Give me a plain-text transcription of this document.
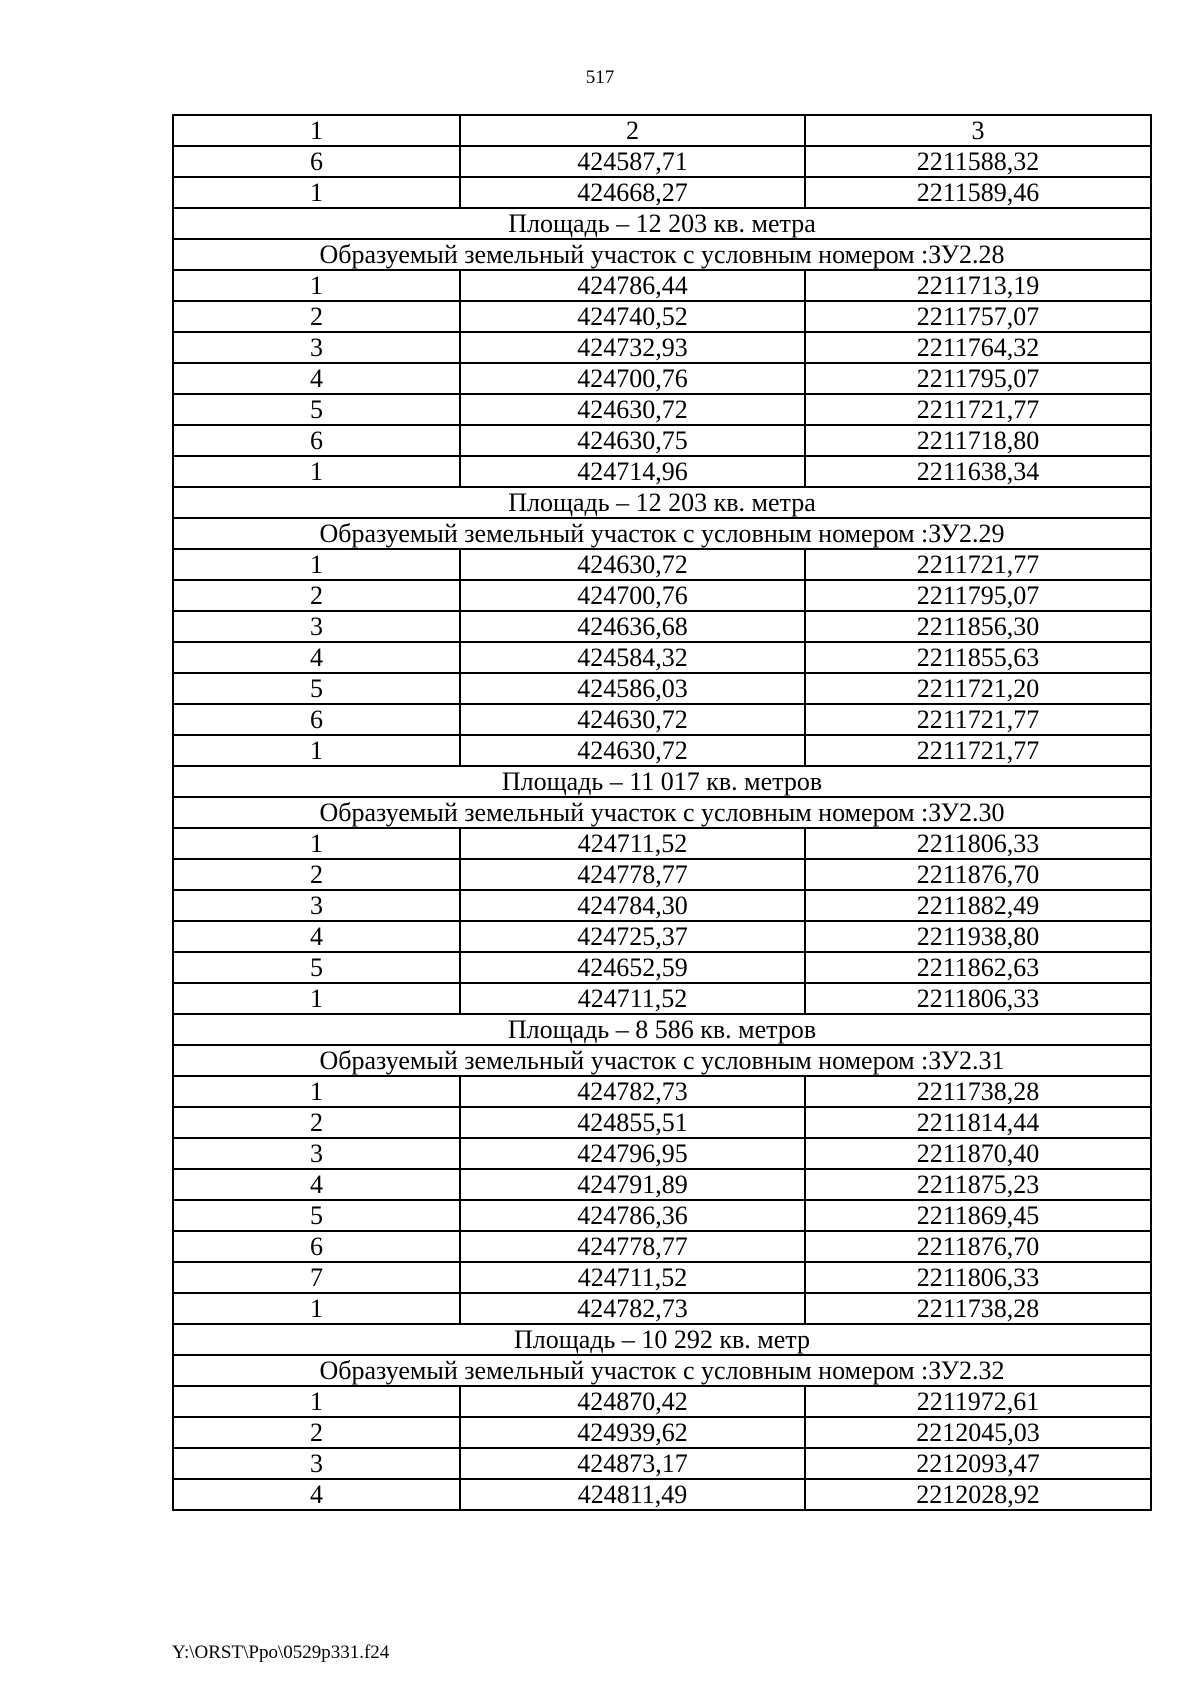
517
1	2	3
6	424587,71	2211588,32
1	424668,27	2211589,46
Площадь – 12 203 кв. метра		
Образуемый земельный участок с условным номером :ЗУ2.28		
1	424786,44	2211713,19
2	424740,52	2211757,07
3	424732,93	2211764,32
4	424700,76	2211795,07
5	424630,72	2211721,77
6	424630,75	2211718,80
1	424714,96	2211638,34
Площадь – 12 203 кв. метра		
Образуемый земельный участок с условным номером :ЗУ2.29		
1	424630,72	2211721,77
2	424700,76	2211795,07
3	424636,68	2211856,30
4	424584,32	2211855,63
5	424586,03	2211721,20
6	424630,72	2211721,77
1	424630,72	2211721,77
Площадь – 11 017 кв. метров		
Образуемый земельный участок с условным номером :ЗУ2.30		
1	424711,52	2211806,33
2	424778,77	2211876,70
3	424784,30	2211882,49
4	424725,37	2211938,80
5	424652,59	2211862,63
1	424711,52	2211806,33
Площадь – 8 586 кв. метров		
Образуемый земельный участок с условным номером :ЗУ2.31		
1	424782,73	2211738,28
2	424855,51	2211814,44
3	424796,95	2211870,40
4	424791,89	2211875,23
5	424786,36	2211869,45
6	424778,77	2211876,70
7	424711,52	2211806,33
1	424782,73	2211738,28
Площадь – 10 292 кв. метр		
Образуемый земельный участок с условным номером :ЗУ2.32		
1	424870,42	2211972,61
2	424939,62	2212045,03
3	424873,17	2212093,47
4	424811,49	2212028,92
Y:\ORST\Ppo\0529p331.f24
